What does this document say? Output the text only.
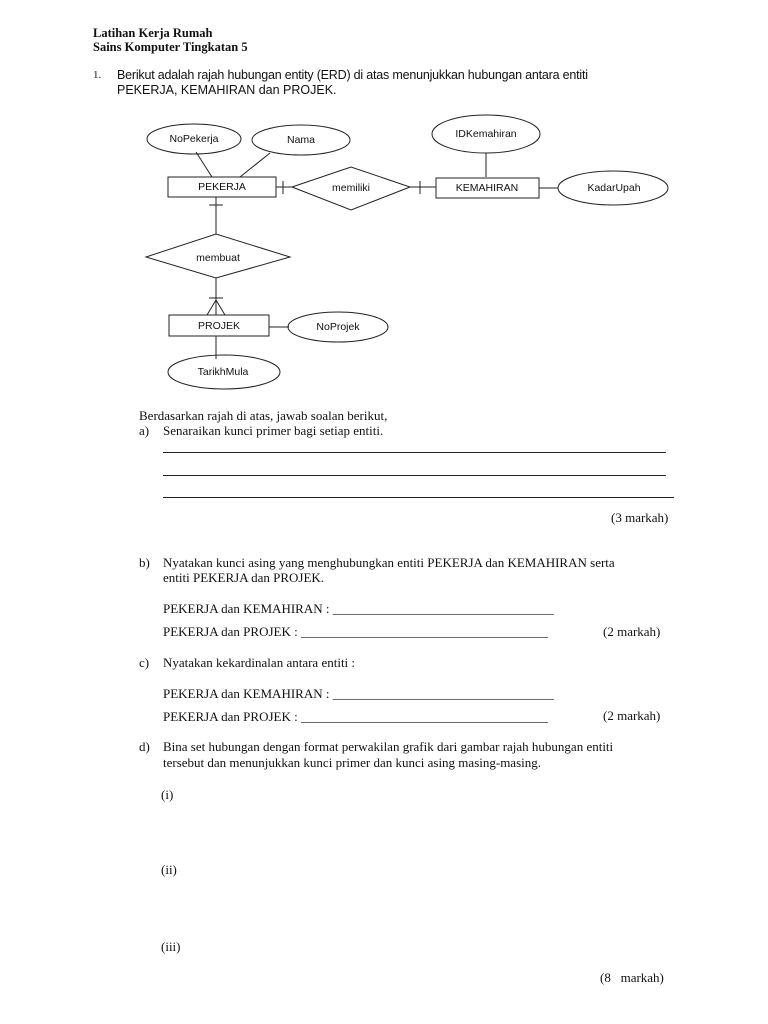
Latihan Kerja Rumah
Sains Komputer Tingkatan 5
1. Berikut adalah rajah hubungan entity (ERD) di atas menunjukkan hubungan antara entiti
PEKERJA, KEMAHIRAN dan PROJEK.
PEKERJA	KEMAHIRAN
PROJEK
memiliki
membuat
NoPekerja	Nama	IDKemahiran
KadarUpah
NoProjek
TarikhMula
Berdasarkan rajah di atas, jawab soalan berikut,
a) Senaraikan kunci primer bagi setiap entiti.
(3 markah)
b) Nyatakan kunci asing yang menghubungkan entiti PEKERJA dan KEMAHIRAN serta
entiti PEKERJA dan PROJEK.
PEKERJA dan KEMAHIRAN : __________________________________
PEKERJA dan PROJEK : ______________________________________	(2 markah)
c) Nyatakan kekardinalan antara entiti :
PEKERJA dan KEMAHIRAN : __________________________________
PEKERJA dan PROJEK : ______________________________________	(2 markah)
d) Bina set hubungan dengan format perwakilan grafik dari gambar rajah hubungan entiti
tersebut dan menunjukkan kunci primer dan kunci asing masing-masing.
(i)
(ii)
(iii)
(8   markah)
